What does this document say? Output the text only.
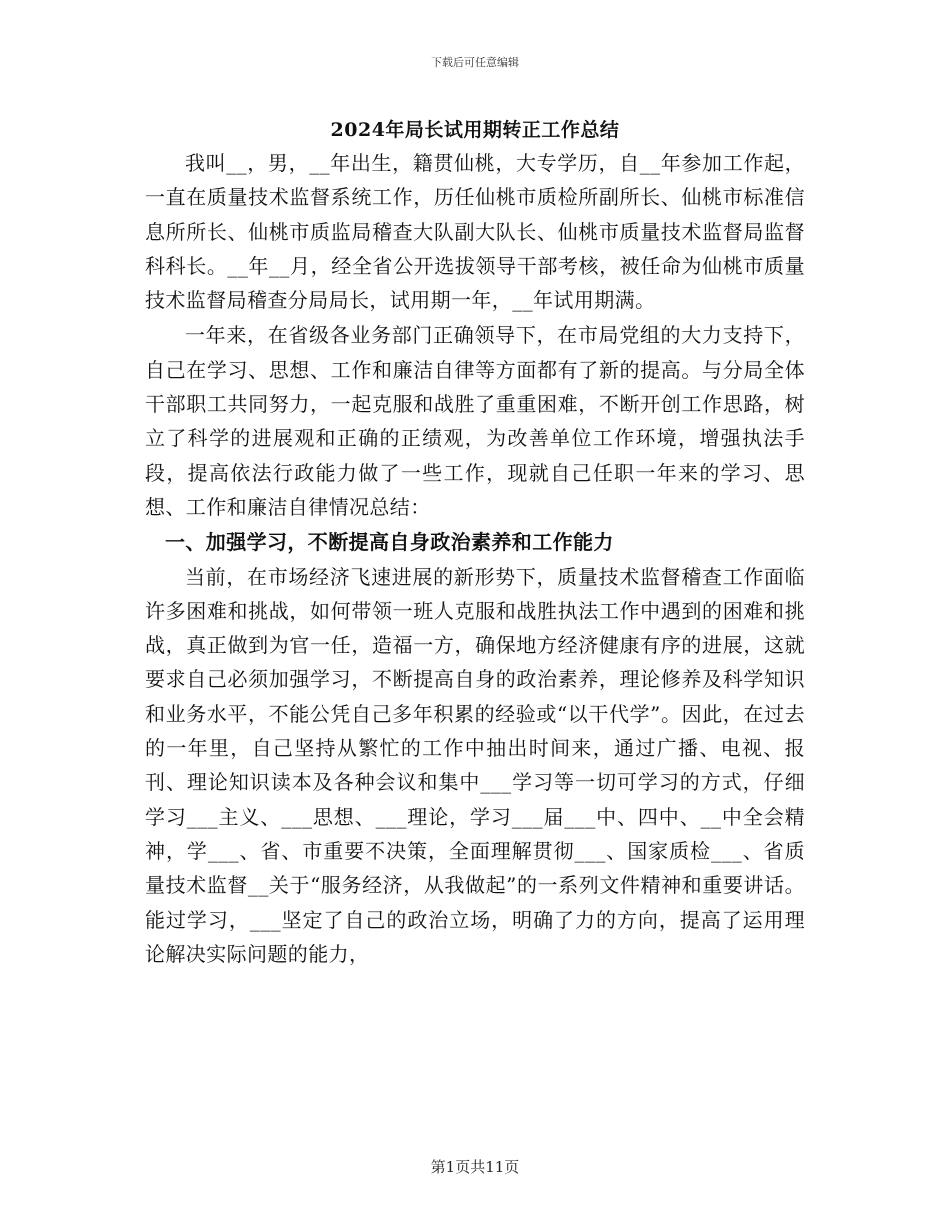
下载后可任意编辑
2024年局长试用期转正工作总结

我叫__，男，__年出生，籍贯仙桃，大专学历，自__年参加工作起，一直在质量技术监督系统工作，历任仙桃市质检所副所长、仙桃市标准信息所所长、仙桃市质监局稽查大队副大队长、仙桃市质量技术监督局监督科科长。__年__月，经全省公开选拔领导干部考核，被任命为仙桃市质量技术监督局稽查分局局长，试用期一年，__年试用期满。

一年来，在省级各业务部门正确领导下，在市局党组的大力支持下，自己在学习、思想、工作和廉洁自律等方面都有了新的提高。与分局全体干部职工共同努力，一起克服和战胜了重重困难，不断开创工作思路，树立了科学的进展观和正确的正绩观，为改善单位工作环境，增强执法手段，提高依法行政能力做了一些工作，现就自己任职一年来的学习、思想、工作和廉洁自律情况总结：

一、加强学习，不断提高自身政治素养和工作能力

当前，在市场经济飞速进展的新形势下，质量技术监督稽查工作面临许多困难和挑战，如何带领一班人克服和战胜执法工作中遇到的困难和挑战，真正做到为官一任，造福一方，确保地方经济健康有序的进展，这就要求自己必须加强学习，不断提高自身的政治素养，理论修养及科学知识和业务水平，不能公凭自己多年积累的经验或“以干代学”。因此，在过去的一年里，自己坚持从繁忙的工作中抽出时间来，通过广播、电视、报刊、理论知识读本及各种会议和集中___学习等一切可学习的方式，仔细学习___主义、___思想、___理论，学习___届___中、四中、__中全会精神，学___、省、市重要不决策，全面理解贯彻___、国家质检___、省质量技术监督__关于“服务经济，从我做起”的一系列文件精神和重要讲话。能过学习，___坚定了自己的政治立场，明确了力的方向，提高了运用理论解决实际问题的能力，

第1页共11页
